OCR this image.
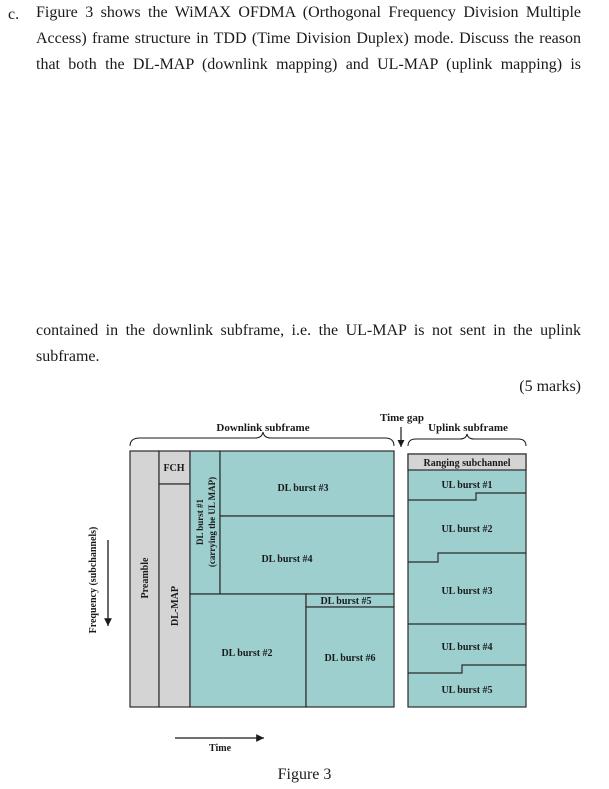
c. Figure 3 shows the WiMAX OFDMA (Orthogonal Frequency Division Multiple
Access) frame structure in TDD (Time Division Duplex) mode. Discuss the reason
that both the DL-MAP (downlink mapping) and UL-MAP (uplink mapping) is
contained in the downlink subframe, i.e. the UL-MAP is not sent in the uplink
subframe.
(5 marks)
Downlink subframe
Time gap
Uplink subframe
Frequency (subchannels)	Preamble
FCH
DL-MAP
DL burst #1 (carrying the UL MAP)	DL burst #3
DL burst #4
DL burst #2
DL burst #5
DL burst #6
Ranging subchannel
UL burst #1
UL burst #2
UL burst #3
UL burst #4
UL burst #5
Time
Figure 3
